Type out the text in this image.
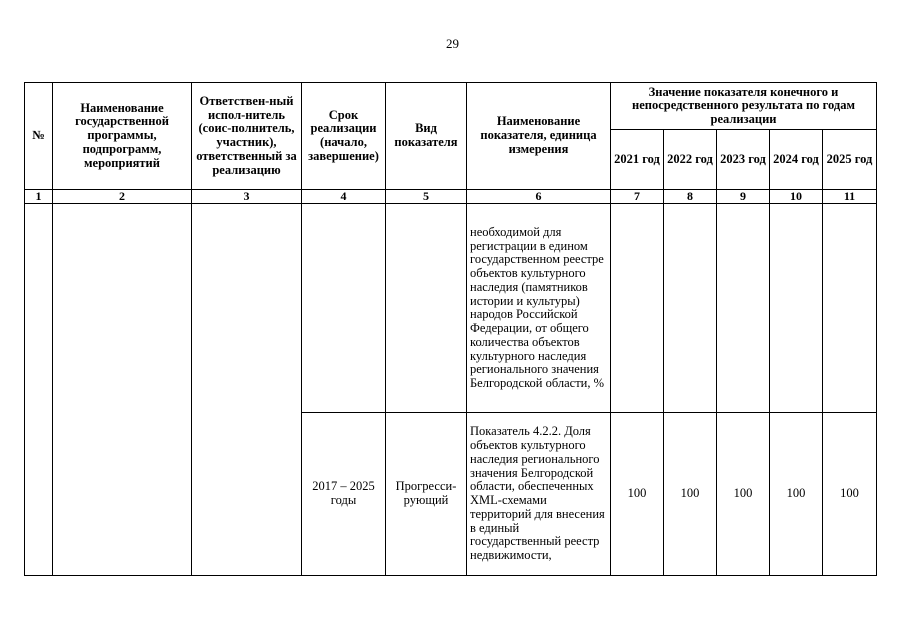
29
№	Наименование государственной программы, подпрограмм, мероприятий	Ответствен-ный испол-нитель (соис-полнитель, участник), ответственный за реализацию	Срок реализации (начало, завершение)	Вид показателя	Наименование показателя, единица измерения	Значение показателя конечного и непосредственного результата по годам реализации				
						2021 год	2022 год	2023 год	2024 год	2025 год
1	2	3	4	5	6	7	8	9	10	11
					необходимой для регистрации в едином государственном реестре объектов культурного наследия (памятников истории и культуры) народов Российской Федерации, от общего количества объектов культурного наследия регионального значения Белгородской области, %					
			2017 – 2025 годы	Прогресси-рующий	Показатель 4.2.2. Доля объектов культурного наследия регионального значения Белгородской области, обеспеченных XML-схемами территорий для внесения в единый государственный реестр недвижимости,	100	100	100	100	100
